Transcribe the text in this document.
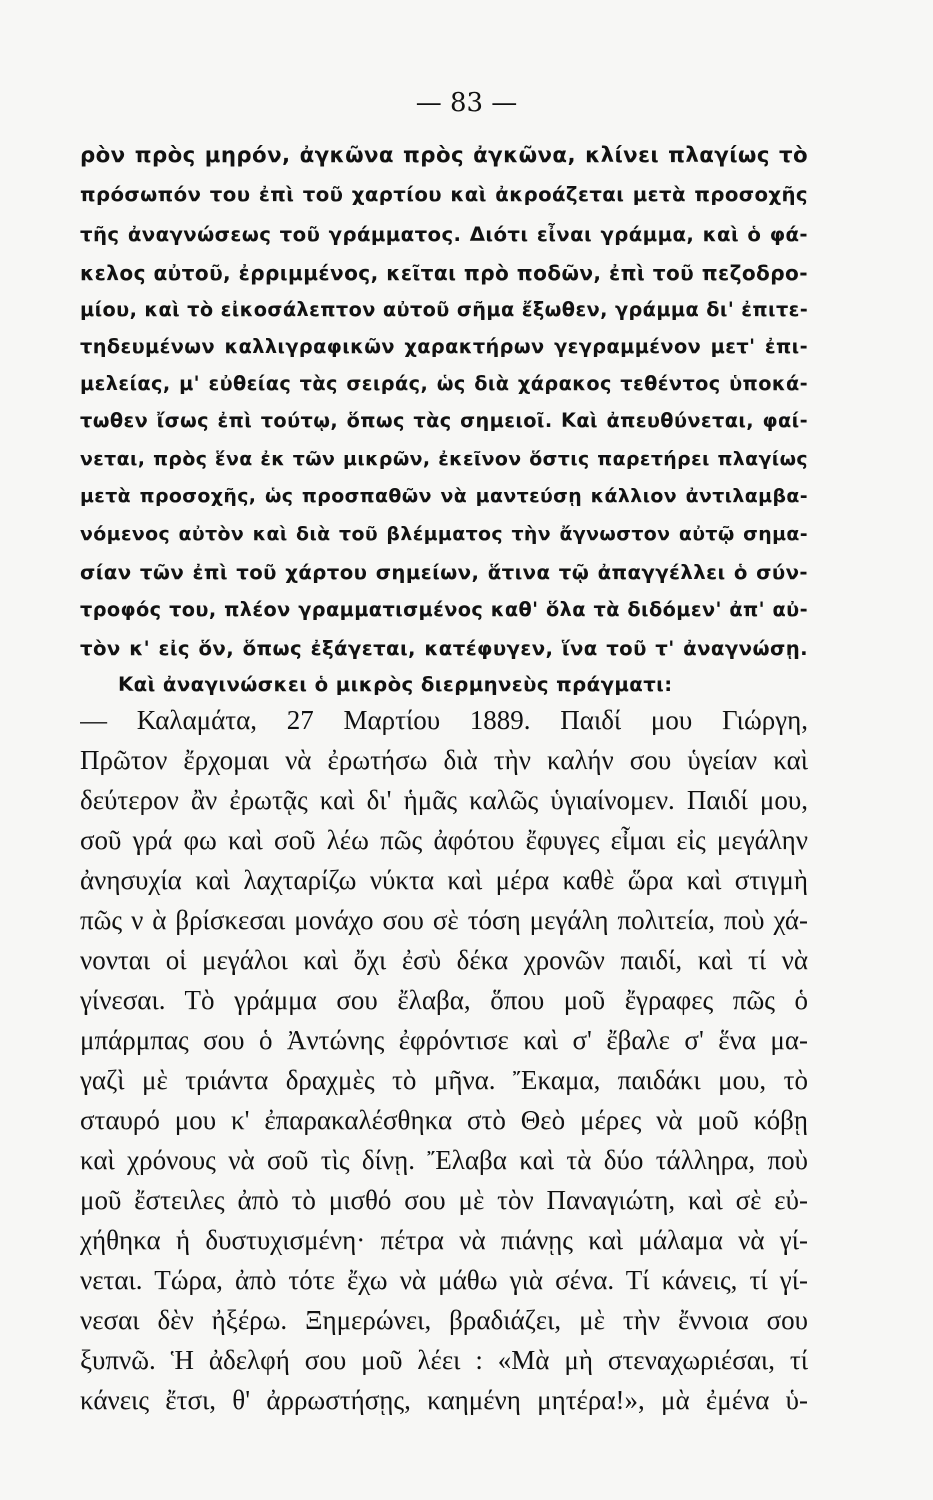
— 83 —
ρὸν πρὸς μηρόν, ἀγκῶνα πρὸς ἀγκῶνα, κλίνει πλαγίως τὸ
πρόσωπόν του ἐπὶ τοῦ χαρτίου καὶ ἀκροάζεται μετὰ προσοχῆς
τῆς ἀναγνώσεως τοῦ γράμματος. Διότι εἶναι γράμμα, καὶ ὁ φά-
κελος αὐτοῦ, ἐρριμμένος, κεῖται πρὸ ποδῶν, ἐπὶ τοῦ πεζοδρο-
μίου, καὶ τὸ εἰκοσάλεπτον αὐτοῦ σῆμα ἔξωθεν, γράμμα δι' ἐπιτε-
τηδευμένων καλλιγραφικῶν χαρακτήρων γεγραμμένον μετ' ἐπι-
μελείας, μ' εὐθείας τὰς σειράς, ὡς διὰ χάρακος τεθέντος ὑποκά-
τωθεν ἴσως ἐπὶ τούτῳ, ὅπως τὰς σημειοῖ. Καὶ ἀπευθύνεται, φαί-
νεται, πρὸς ἕνα ἐκ τῶν μικρῶν, ἐκεῖνον ὅστις παρετήρει πλαγίως
μετὰ προσοχῆς, ὡς προσπαθῶν νὰ μαντεύσῃ κάλλιον ἀντιλαμβα-
νόμενος αὐτὸν καὶ διὰ τοῦ βλέμματος τὴν ἄγνωστον αὐτῷ σημα-
σίαν τῶν ἐπὶ τοῦ χάρτου σημείων, ἅτινα τῷ ἀπαγγέλλει ὁ σύν-
τροφός του, πλέον γραμματισμένος καθ' ὅλα τὰ διδόμεν' ἀπ' αὐ-
τὸν κ' εἰς ὅν, ὅπως ἐξάγεται, κατέφυγεν, ἵνα τοῦ τ' ἀναγνώσῃ.
Καὶ ἀναγινώσκει ὁ μικρὸς διερμηνεὺς πράγματι:
— Καλαμάτα, 27 Μαρτίου 1889. Παιδί μου Γιώργη,
Πρῶτον ἔρχομαι νὰ ἐρωτήσω διὰ τὴν καλήν σου ὑγείαν καὶ
δεύτερον ἂν ἐρωτᾷς καὶ δι' ἡμᾶς καλῶς ὑγιαίνομεν. Παιδί μου,
σοῦ γρά φω καὶ σοῦ λέω πῶς ἀφότου ἔφυγες εἶμαι εἰς μεγάλην
ἀνησυχία καὶ λαχταρίζω νύκτα καὶ μέρα καθὲ ὥρα καὶ στιγμὴ
πῶς ν ὰ βρίσκεσαι μονάχο σου σὲ τόση μεγάλη πολιτεία, ποὺ χά-
νονται οἱ μεγάλοι καὶ ὄχι ἐσὺ δέκα χρονῶν παιδί, καὶ τί νὰ
γίνεσαι. Τὸ γράμμα σου ἔλαβα, ὅπου μοῦ ἔγραφες πῶς ὁ
μπάρμπας σου ὁ Ἀντώνης ἐφρόντισε καὶ σ' ἔβαλε σ' ἕνα μα-
γαζὶ μὲ τριάντα δραχμὲς τὸ μῆνα. Ἔκαμα, παιδάκι μου, τὸ
σταυρό μου κ' ἐπαρακαλέσθηκα στὸ Θεὸ μέρες νὰ μοῦ κόβῃ
καὶ χρόνους νὰ σοῦ τὶς δίνῃ. Ἔλαβα καὶ τὰ δύο τάλληρα, ποὺ
μοῦ ἔστειλες ἀπὸ τὸ μισθό σου μὲ τὸν Παναγιώτη, καὶ σὲ εὐ-
χήθηκα ἡ δυστυχισμένη· πέτρα νὰ πιάνῃς καὶ μάλαμα νὰ γί-
νεται. Τώρα, ἀπὸ τότε ἔχω νὰ μάθω γιὰ σένα. Τί κάνεις, τί γί-
νεσαι δὲν ἠξέρω. Ξημερώνει, βραδιάζει, μὲ τὴν ἔννοια σου
ξυπνῶ. Ἡ ἀδελφή σου μοῦ λέει : «Μὰ μὴ στεναχωριέσαι, τί
κάνεις ἔτσι, θ' ἀρρωστήσῃς, καημένη μητέρα!», μὰ ἐμένα ὑ-
